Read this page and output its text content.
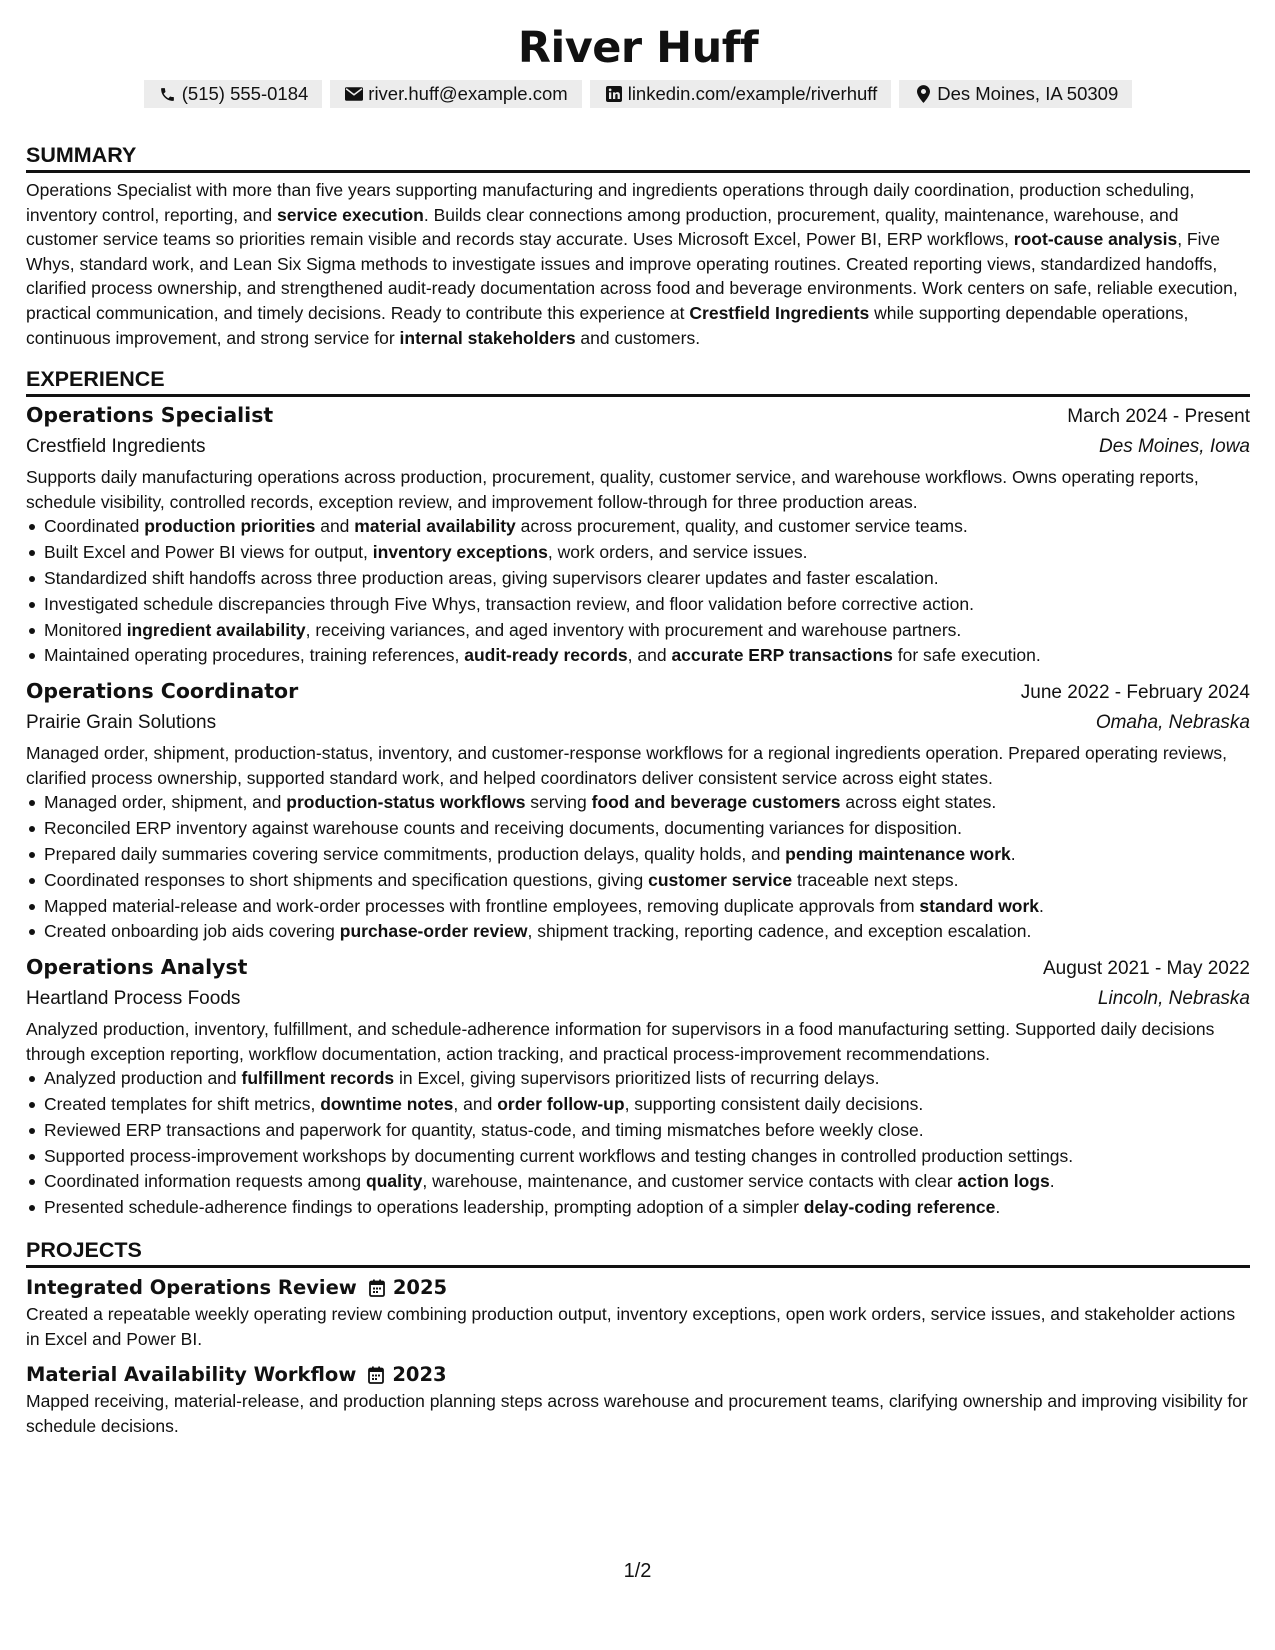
River Huff
(515) 555-0184	river.huff@example.com	linkedin.com/example/riverhuff	Des Moines, IA 50309
SUMMARY
Operations Specialist with more than five years supporting manufacturing and ingredients operations through daily coordination, production scheduling, inventory control, reporting, and service execution. Builds clear connections among production, procurement, quality, maintenance, warehouse, and customer service teams so priorities remain visible and records stay accurate. Uses Microsoft Excel, Power BI, ERP workflows, root-cause analysis, Five Whys, standard work, and Lean Six Sigma methods to investigate issues and improve operating routines. Created reporting views, standardized handoffs, clarified process ownership, and strengthened audit-ready documentation across food and beverage environments. Work centers on safe, reliable execution, practical communication, and timely decisions. Ready to contribute this experience at Crestfield Ingredients while supporting dependable operations, continuous improvement, and strong service for internal stakeholders and customers.
EXPERIENCE
Operations Specialist	March 2024 - Present
Crestfield Ingredients	Des Moines, Iowa
Supports daily manufacturing operations across production, procurement, quality, customer service, and warehouse workflows. Owns operating reports, schedule visibility, controlled records, exception review, and improvement follow-through for three production areas.
Coordinated production priorities and material availability across procurement, quality, and customer service teams.
Built Excel and Power BI views for output, inventory exceptions, work orders, and service issues.
Standardized shift handoffs across three production areas, giving supervisors clearer updates and faster escalation.
Investigated schedule discrepancies through Five Whys, transaction review, and floor validation before corrective action.
Monitored ingredient availability, receiving variances, and aged inventory with procurement and warehouse partners.
Maintained operating procedures, training references, audit-ready records, and accurate ERP transactions for safe execution.
Operations Coordinator	June 2022 - February 2024
Prairie Grain Solutions	Omaha, Nebraska
Managed order, shipment, production-status, inventory, and customer-response workflows for a regional ingredients operation. Prepared operating reviews, clarified process ownership, supported standard work, and helped coordinators deliver consistent service across eight states.
Managed order, shipment, and production-status workflows serving food and beverage customers across eight states.
Reconciled ERP inventory against warehouse counts and receiving documents, documenting variances for disposition.
Prepared daily summaries covering service commitments, production delays, quality holds, and pending maintenance work.
Coordinated responses to short shipments and specification questions, giving customer service traceable next steps.
Mapped material-release and work-order processes with frontline employees, removing duplicate approvals from standard work.
Created onboarding job aids covering purchase-order review, shipment tracking, reporting cadence, and exception escalation.
Operations Analyst	August 2021 - May 2022
Heartland Process Foods	Lincoln, Nebraska
Analyzed production, inventory, fulfillment, and schedule-adherence information for supervisors in a food manufacturing setting. Supported daily decisions through exception reporting, workflow documentation, action tracking, and practical process-improvement recommendations.
Analyzed production and fulfillment records in Excel, giving supervisors prioritized lists of recurring delays.
Created templates for shift metrics, downtime notes, and order follow-up, supporting consistent daily decisions.
Reviewed ERP transactions and paperwork for quantity, status-code, and timing mismatches before weekly close.
Supported process-improvement workshops by documenting current workflows and testing changes in controlled production settings.
Coordinated information requests among quality, warehouse, maintenance, and customer service contacts with clear action logs.
Presented schedule-adherence findings to operations leadership, prompting adoption of a simpler delay-coding reference.
PROJECTS
Integrated Operations Review 2025
Created a repeatable weekly operating review combining production output, inventory exceptions, open work orders, service issues, and stakeholder actions in Excel and Power BI.
Material Availability Workflow 2023
Mapped receiving, material-release, and production planning steps across warehouse and procurement teams, clarifying ownership and improving visibility for schedule decisions.
1/2
